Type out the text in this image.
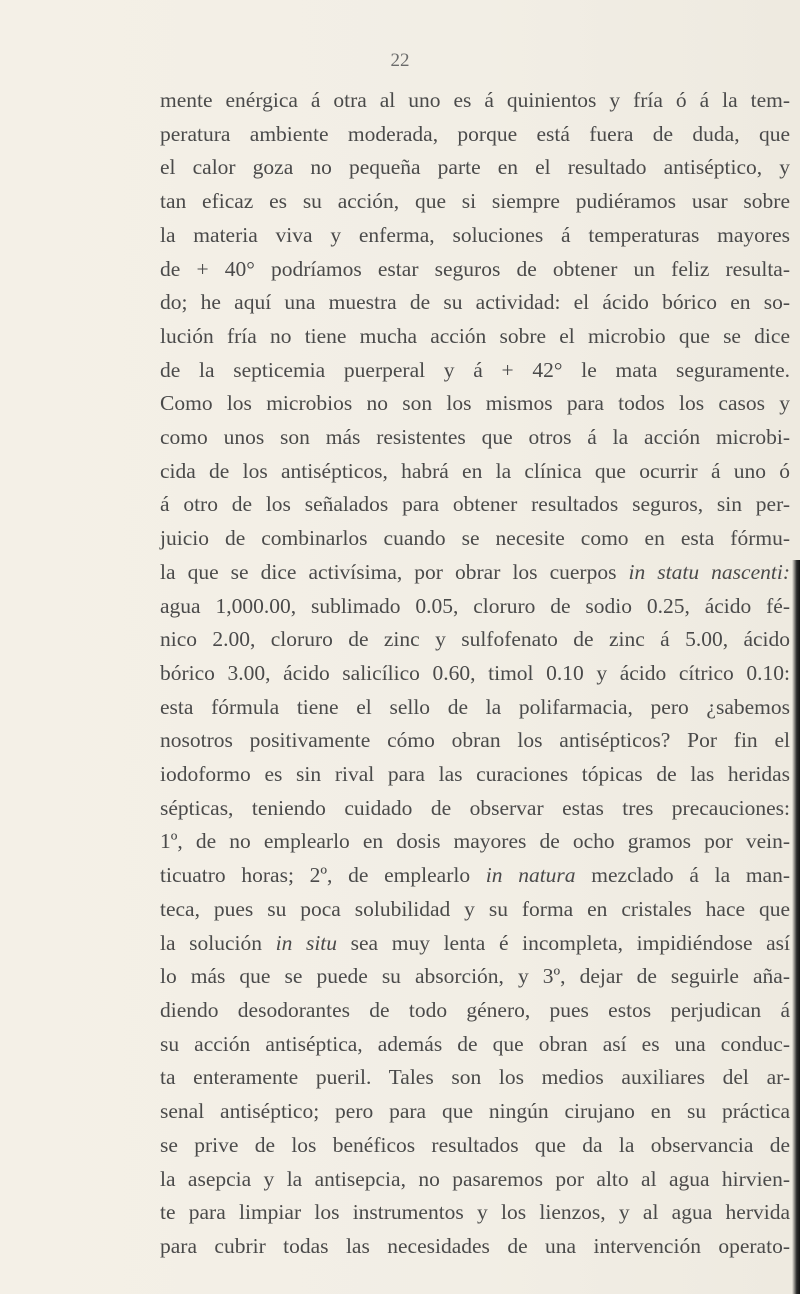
22
mente enérgica á otra al uno es á quinientos y fría ó á la tem-
peratura ambiente moderada, porque está fuera de duda, que
el calor goza no pequeña parte en el resultado antiséptico, y
tan eficaz es su acción, que si siempre pudiéramos usar sobre
la materia viva y enferma, soluciones á temperaturas mayores
de + 40° podríamos estar seguros de obtener un feliz resulta-
do; he aquí una muestra de su actividad: el ácido bórico en so-
lución fría no tiene mucha acción sobre el microbio que se dice
de la septicemia puerperal y á + 42° le mata seguramente.
Como los microbios no son los mismos para todos los casos y
como unos son más resistentes que otros á la acción microbi-
cida de los antisépticos, habrá en la clínica que ocurrir á uno ó
á otro de los señalados para obtener resultados seguros, sin per-
juicio de combinarlos cuando se necesite como en esta fórmu-
la que se dice activísima, por obrar los cuerpos in statu nascenti:
agua 1,000.00, sublimado 0.05, cloruro de sodio 0.25, ácido fé-
nico 2.00, cloruro de zinc y sulfofenato de zinc á 5.00, ácido
bórico 3.00, ácido salicílico 0.60, timol 0.10 y ácido cítrico 0.10:
esta fórmula tiene el sello de la polifarmacia, pero ¿sabemos
nosotros positivamente cómo obran los antisépticos? Por fin el
iodoformo es sin rival para las curaciones tópicas de las heridas
sépticas, teniendo cuidado de observar estas tres precauciones:
1º, de no emplearlo en dosis mayores de ocho gramos por vein-
ticuatro horas; 2º, de emplearlo in natura mezclado á la man-
teca, pues su poca solubilidad y su forma en cristales hace que
la solución in situ sea muy lenta é incompleta, impidiéndose así
lo más que se puede su absorción, y 3º, dejar de seguirle aña-
diendo desodorantes de todo género, pues estos perjudican á
su acción antiséptica, además de que obran así es una conduc-
ta enteramente pueril. Tales son los medios auxiliares del ar-
senal antiséptico; pero para que ningún cirujano en su práctica
se prive de los benéficos resultados que da la observancia de
la asepcia y la antisepcia, no pasaremos por alto al agua hirvien-
te para limpiar los instrumentos y los lienzos, y al agua hervida
para cubrir todas las necesidades de una intervención operato-
